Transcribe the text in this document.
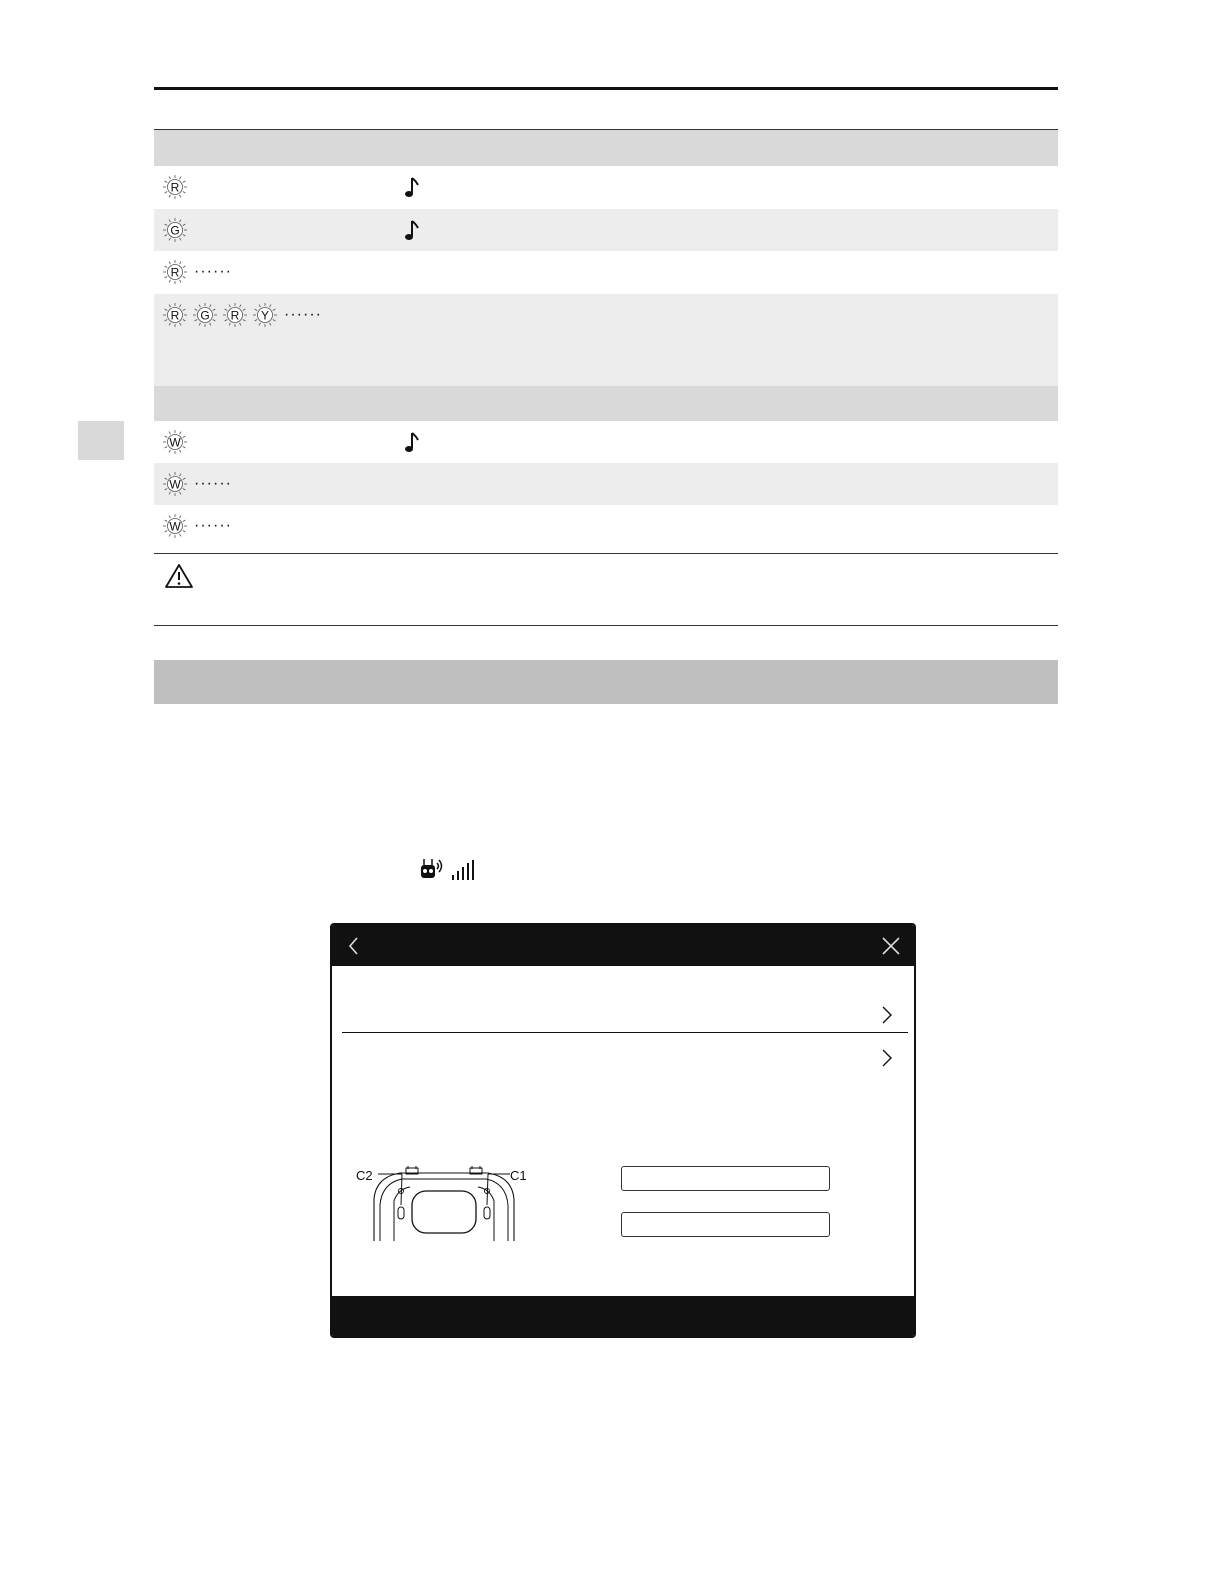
R
G
R ······
R G R Y ······
W
W ······
W ······
C2	C1
